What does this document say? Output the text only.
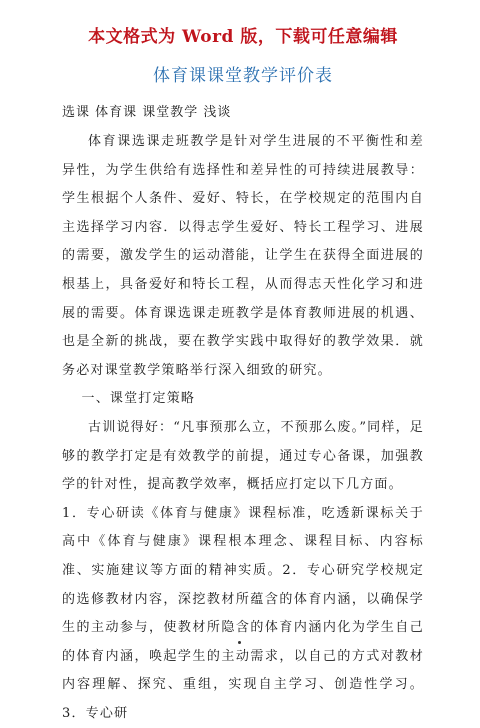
本文格式为 Word 版，下载可任意编辑
体育课课堂教学评价表
选课 体育课 课堂教学 浅谈

体育课选课走班教学是针对学生进展的不平衡性和差异性，为学生供给有选择性和差异性的可持续进展教导：学生根据个人条件、爱好、特长，在学校规定的范围内自主选择学习内容．以得志学生爱好、特长工程学习、进展的需要，激发学生的运动潜能，让学生在获得全面进展的根基上，具备爱好和特长工程，从而得志天性化学习和进展的需要。体育课选课走班教学是体育教师进展的机遇、也是全新的挑战，要在教学实践中取得好的教学效果．就务必对课堂教学策略举行深入细致的研究。

一、课堂打定策略

古训说得好：“凡事预那么立，不预那么废。”同样，足够的教学打定是有效教学的前提，通过专心备课，加强教学的针对性，提高教学效率，概括应打定以下几方面。

1．专心研读《体育与健康》课程标准，吃透新课标关于高中《体育与健康》课程根本理念、课程目标、内容标准、实施建议等方面的精神实质。2．专心研究学校规定的选修教材内容，深挖教材所蕴含的体育内涵，以确保学生的主动参与，使教材所隐含的体育内涵内化为学生自己的体育内涵，唤起学生的主动需求，以自己的方式对教材内容理解、探究、重组，实现自主学习、创造性学习。3．专心研
